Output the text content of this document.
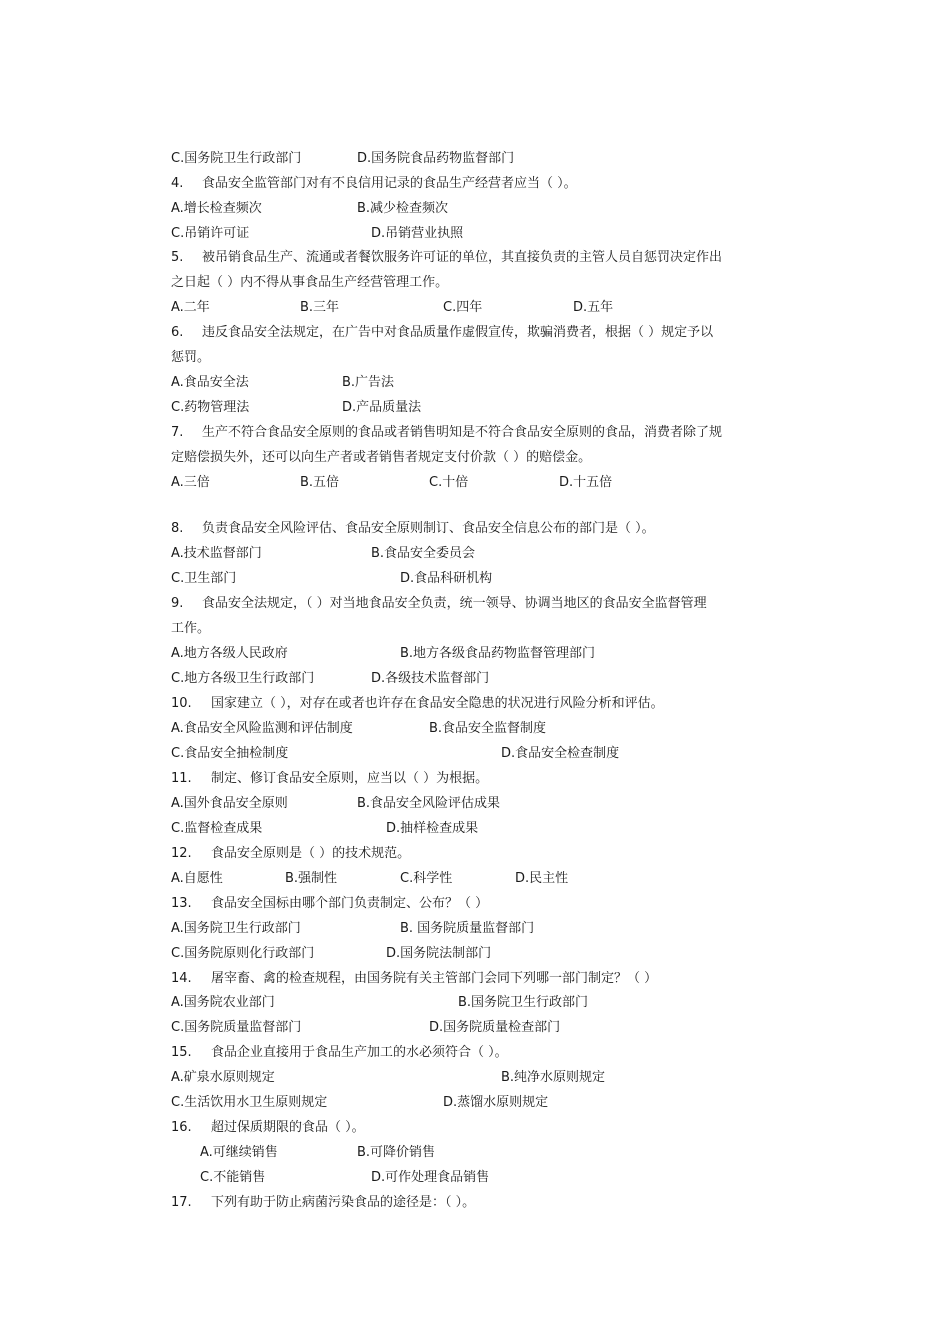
C.国务院卫生行政部门	D.国务院食品药物监督部门
4. 食品安全监管部门对有不良信用记录的食品生产经营者应当（ ）。
A.增长检查频次	B.减少检查频次
C.吊销许可证	D.吊销营业执照
5. 被吊销食品生产、流通或者餐饮服务许可证的单位，其直接负责的主管人员自惩罚决定作出
之日起（ ）内不得从事食品生产经营管理工作。
A.二年	B.三年	C.四年	D.五年
6. 违反食品安全法规定，在广告中对食品质量作虚假宣传，欺骗消费者，根据（ ）规定予以
惩罚。
A.食品安全法	B.广告法
C.药物管理法	D.产品质量法
7. 生产不符合食品安全原则的食品或者销售明知是不符合食品安全原则的食品，消费者除了规
定赔偿损失外，还可以向生产者或者销售者规定支付价款（ ）的赔偿金。
A.三倍	B.五倍	C.十倍	D.十五倍
8. 负责食品安全风险评估、食品安全原则制订、食品安全信息公布的部门是（ ）。
A.技术监督部门	B.食品安全委员会
C.卫生部门	D.食品科研机构
9. 食品安全法规定，（ ）对当地食品安全负责，统一领导、协调当地区的食品安全监督管理
工作。
A.地方各级人民政府	B.地方各级食品药物监督管理部门
C.地方各级卫生行政部门	D.各级技术监督部门
10. 国家建立（ ），对存在或者也许存在食品安全隐患的状况进行风险分析和评估。
A.食品安全风险监测和评估制度	B.食品安全监督制度
C.食品安全抽检制度	D.食品安全检查制度
11. 制定、修订食品安全原则，应当以（ ）为根据。
A.国外食品安全原则	B.食品安全风险评估成果
C.监督检查成果	D.抽样检查成果
12. 食品安全原则是（ ）的技术规范。
A.自愿性	B.强制性	C.科学性	D.民主性
13. 食品安全国标由哪个部门负责制定、公布？（ ）
A.国务院卫生行政部门	B. 国务院质量监督部门
C.国务院原则化行政部门	D.国务院法制部门
14. 屠宰畜、禽的检查规程，由国务院有关主管部门会同下列哪一部门制定？（ ）
A.国务院农业部门	B.国务院卫生行政部门
C.国务院质量监督部门	D.国务院质量检查部门
15. 食品企业直接用于食品生产加工的水必须符合（ ）。
A.矿泉水原则规定	B.纯净水原则规定
C.生活饮用水卫生原则规定	D.蒸馏水原则规定
16. 超过保质期限的食品（ ）。
A.可继续销售	B.可降价销售
C.不能销售	D.可作处理食品销售
17. 下列有助于防止病菌污染食品的途径是：（ ）。
